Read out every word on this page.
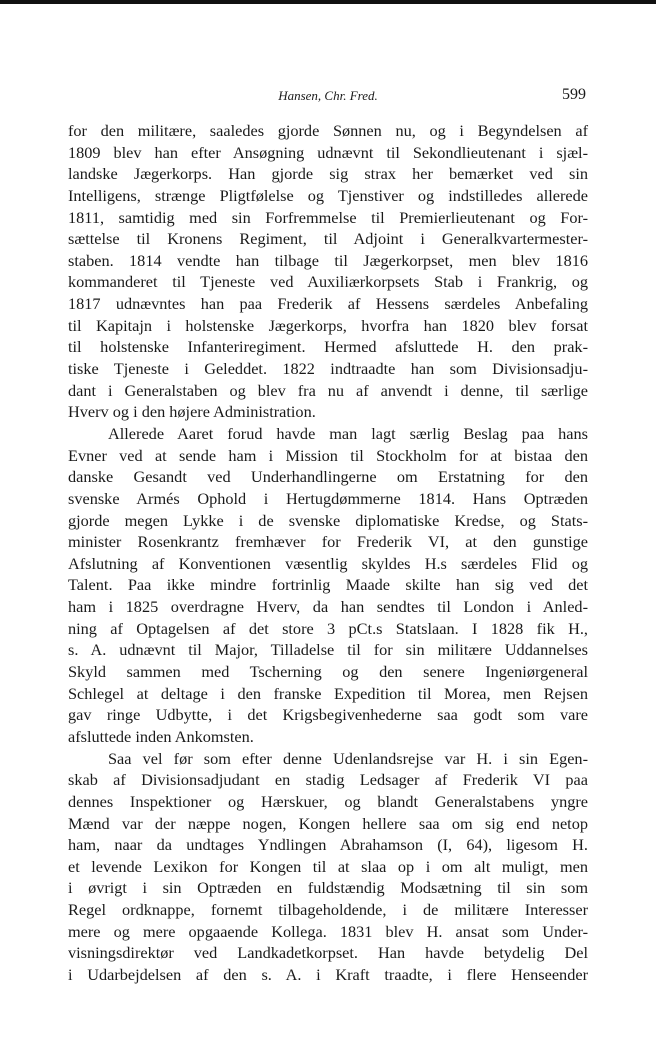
Hansen, Chr. Fred.	599
for den militære, saaledes gjorde Sønnen nu, og i Begyndelsen af
1809 blev han efter Ansøgning udnævnt til Sekondlieutenant i sjæl-
landske Jægerkorps. Han gjorde sig strax her bemærket ved sin
Intelligens, strænge Pligtfølelse og Tjenstiver og indstilledes allerede
1811, samtidig med sin Forfremmelse til Premierlieutenant og For-
sættelse til Kronens Regiment, til Adjoint i Generalkvartermester-
staben. 1814 vendte han tilbage til Jægerkorpset, men blev 1816
kommanderet til Tjeneste ved Auxiliærkorpsets Stab i Frankrig, og
1817 udnævntes han paa Frederik af Hessens særdeles Anbefaling
til Kapitajn i holstenske Jægerkorps, hvorfra han 1820 blev forsat
til holstenske Infanteriregiment. Hermed afsluttede H. den prak-
tiske Tjeneste i Geleddet. 1822 indtraadte han som Divisionsadju-
dant i Generalstaben og blev fra nu af anvendt i denne, til særlige
Hverv og i den højere Administration.
Allerede Aaret forud havde man lagt særlig Beslag paa hans
Evner ved at sende ham i Mission til Stockholm for at bistaa den
danske Gesandt ved Underhandlingerne om Erstatning for den
svenske Armés Ophold i Hertugdømmerne 1814. Hans Optræden
gjorde megen Lykke i de svenske diplomatiske Kredse, og Stats-
minister Rosenkrantz fremhæver for Frederik VI, at den gunstige
Afslutning af Konventionen væsentlig skyldes H.s særdeles Flid og
Talent. Paa ikke mindre fortrinlig Maade skilte han sig ved det
ham i 1825 overdragne Hverv, da han sendtes til London i Anled-
ning af Optagelsen af det store 3 pCt.s Statslaan. I 1828 fik H.,
s. A. udnævnt til Major, Tilladelse til for sin militære Uddannelses
Skyld sammen med Tscherning og den senere Ingeniørgeneral
Schlegel at deltage i den franske Expedition til Morea, men Rejsen
gav ringe Udbytte, i det Krigsbegivenhederne saa godt som vare
afsluttede inden Ankomsten.
Saa vel før som efter denne Udenlandsrejse var H. i sin Egen-
skab af Divisionsadjudant en stadig Ledsager af Frederik VI paa
dennes Inspektioner og Hærskuer, og blandt Generalstabens yngre
Mænd var der næppe nogen, Kongen hellere saa om sig end netop
ham, naar da undtages Yndlingen Abrahamson (I, 64), ligesom H.
et levende Lexikon for Kongen til at slaa op i om alt muligt, men
i øvrigt i sin Optræden en fuldstændig Modsætning til sin som
Regel ordknappe, fornemt tilbageholdende, i de militære Interesser
mere og mere opgaaende Kollega. 1831 blev H. ansat som Under-
visningsdirektør ved Landkadetkorpset. Han havde betydelig Del
i Udarbejdelsen af den s. A. i Kraft traadte, i flere Henseender
